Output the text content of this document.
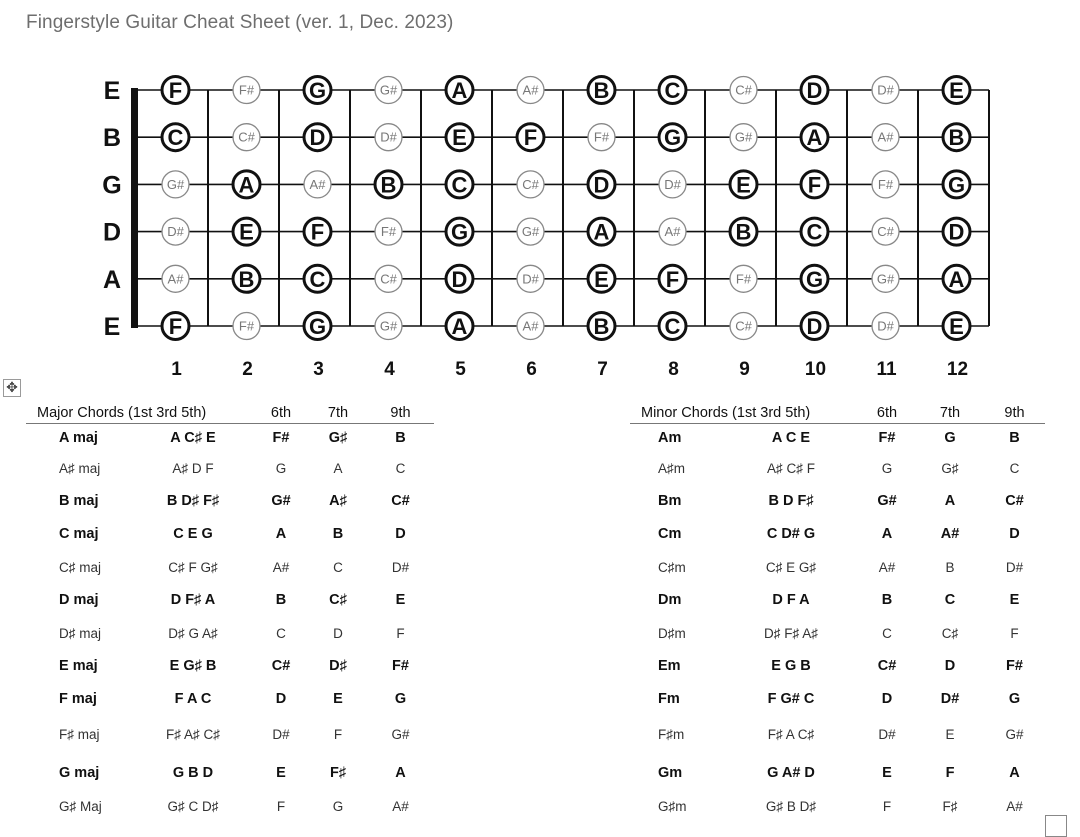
Fingerstyle Guitar Cheat Sheet (ver. 1, Dec. 2023)
E F	F# G	G# A	A#	B	C	C# D	D#	E
B C	C# D	D#	E	F	F# G	G# A	A#	B
G	G# A	A#	B	C	C# D	D#	E	F	F# G
D	D#	E	F	F# G	G# A	A#	B	C	C# D
A	A#	B	C	C# D	D#	E	F	F# G	G# A
E F	F# G	G# A	A#	B	C	C# D	D#	E
1	2	3	4	5	6	7	8	9	10	11	12
✥
Major Chords (1st 3rd 5th)		6th	7th	9th
A maj	A C♯ E	F#	G♯	B
A♯ maj	A♯ D F	G	A	C
B maj	B D♯ F♯	G#	A♯	C#
C maj	C E G	A	B	D
C♯ maj	C♯ F G♯	A#	C	D#
D maj	D F♯ A	B	C♯	E
D♯ maj	D♯ G A♯	C	D	F
E maj	E G♯ B	C#	D♯	F#
F maj	F A C	D	E	G
F♯ maj	F♯ A♯ C♯	D#	F	G#
G maj	G B D	E	F♯	A
G♯ Maj	G♯ C D♯	F	G	A#
Minor Chords (1st 3rd 5th)		6th	7th	9th
Am	A C E	F#	G	B
A♯m	A♯ C♯ F	G	G♯	C
Bm	B D F♯	G#	A	C#
Cm	C D# G	A	A#	D
C♯m	C♯ E G♯	A#	B	D#
Dm	D F A	B	C	E
D♯m	D♯ F♯ A♯	C	C♯	F
Em	E G B	C#	D	F#
Fm	F G# C	D	D#	G
F♯m	F♯ A C♯	D#	E	G#
Gm	G A# D	E	F	A
G♯m	G♯ B D♯	F	F♯	A#
